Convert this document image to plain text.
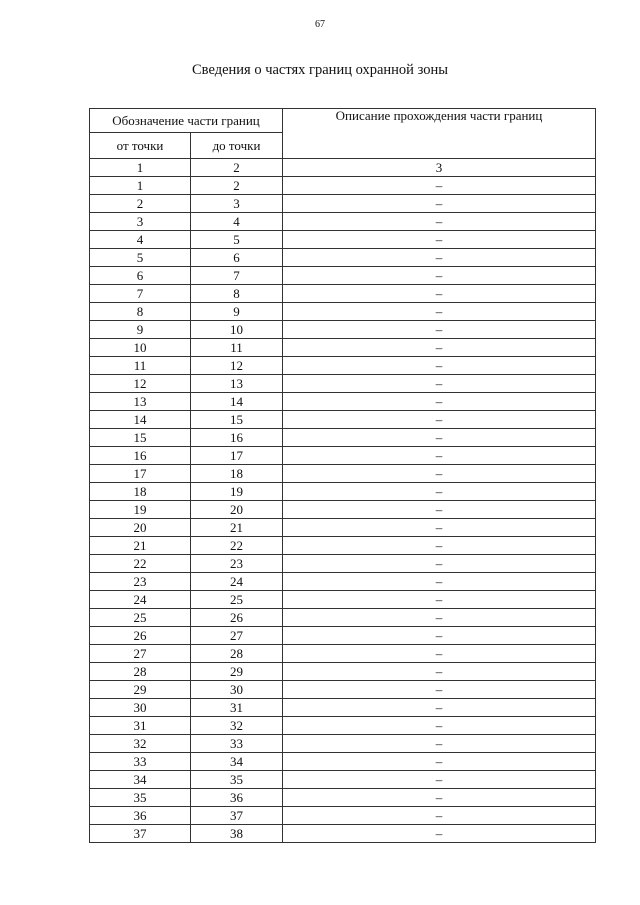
67
Сведения о частях границ охранной зоны
Обозначение части границ		Описание прохождения части границ
от точки	до точки	
1	2	3
1	2	–
2	3	–
3	4	–
4	5	–
5	6	–
6	7	–
7	8	–
8	9	–
9	10	–
10	11	–
11	12	–
12	13	–
13	14	–
14	15	–
15	16	–
16	17	–
17	18	–
18	19	–
19	20	–
20	21	–
21	22	–
22	23	–
23	24	–
24	25	–
25	26	–
26	27	–
27	28	–
28	29	–
29	30	–
30	31	–
31	32	–
32	33	–
33	34	–
34	35	–
35	36	–
36	37	–
37	38	–
